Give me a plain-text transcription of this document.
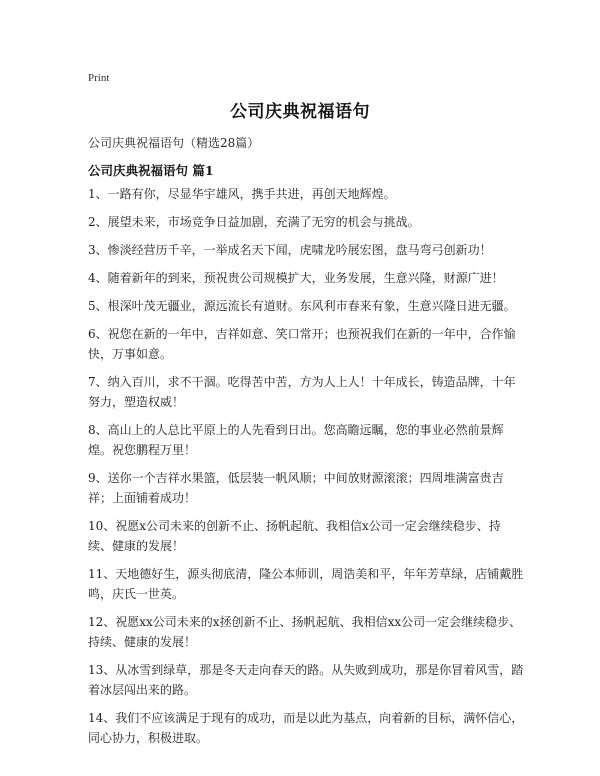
Print
公司庆典祝福语句
公司庆典祝福语句（精选28篇）
公司庆典祝福语句 篇1
1、一路有你，尽显华宇雄风，携手共进，再创天地辉煌。
2、展望未来，市场竞争日益加剧，充满了无穷的机会与挑战。
3、惨淡经营历千辛，一举成名天下闻，虎啸龙吟展宏图，盘马弯弓创新功！
4、随着新年的到来，预祝贵公司规模扩大，业务发展，生意兴隆，财源广进！
5、根深叶茂无疆业，源远流长有道财。东风利市春来有象，生意兴隆日进无疆。
6、祝您在新的一年中，吉祥如意、笑口常开；也预祝我们在新的一年中，合作愉快，万事如意。
7、纳入百川，求不干涸。吃得苦中苦，方为人上人！十年成长，铸造品牌，十年努力，塑造权威！
8、高山上的人总比平原上的人先看到日出。您高瞻远瞩，您的事业必然前景辉煌。祝您鹏程万里！
9、送你一个吉祥水果篮，低层装一帆风顺；中间放财源滚滚；四周堆满富贵吉祥；上面铺着成功！
10、祝愿x公司未来的创新不止、扬帆起航、我相信x公司一定会继续稳步、持续、健康的发展！
11、天地德好生，源头彻底清，隆公本师训，周诰美和平，年年芳草绿，店铺戴胜鸣，庆氏一世英。
12、祝愿xx公司未来的x拯创新不止、扬帆起航、我相信xx公司一定会继续稳步、持续、健康的发展！
13、从冰雪到绿草，那是冬天走向春天的路。从失败到成功，那是你冒着风雪，踏着冰层闯出来的路。
14、我们不应该满足于现有的成功，而是以此为基点，向着新的目标，满怀信心，同心协力，积极进取。
